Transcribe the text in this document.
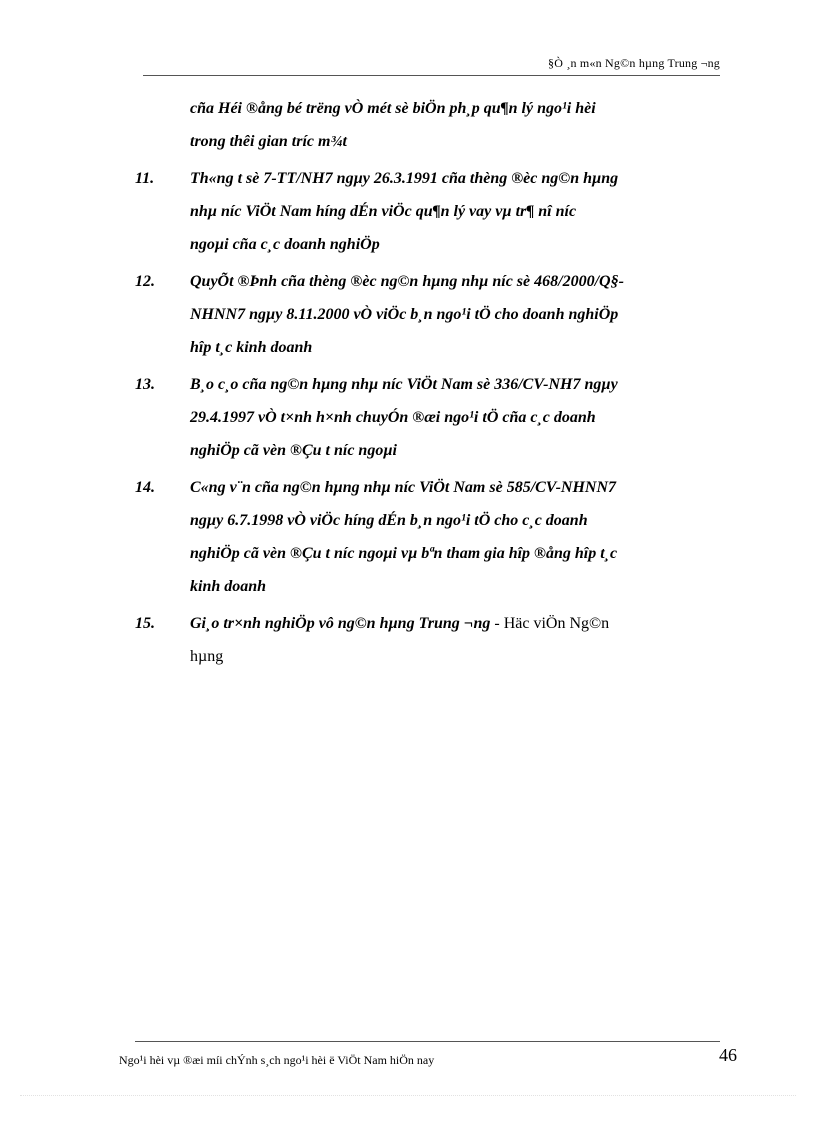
§Ò ¸n m«n Ng©n hµng Trung ¬ng
cña Héi ®ång bé trëng vÒ mét sè biÖn ph¸p qu¶n lý ngo¹i hèi
trong thêi gian tríc m¾t
11. Th«ng t sè 7-TT/NH7 ngµy 26.3.1991 cña thèng ®èc ng©n hµng
nhµ níc ViÖt Nam híng dÉn viÖc qu¶n lý vay vµ tr¶ nî níc
ngoµi cña c¸c doanh nghiÖp
12. QuyÕt ®Þnh cña thèng ®èc ng©n hµng nhµ níc sè 468/2000/Q§-
NHNN7 ngµy 8.11.2000 vÒ viÖc b¸n ngo¹i tÖ cho doanh nghiÖp
hîp t¸c kinh doanh
13. B¸o c¸o cña ng©n hµng nhµ níc ViÖt Nam sè 336/CV-NH7 ngµy
29.4.1997 vÒ t×nh h×nh chuyÓn ®æi ngo¹i tÖ cña c¸c doanh
nghiÖp cã vèn ®Çu t níc ngoµi
14. C«ng v¨n cña ng©n hµng nhµ níc ViÖt Nam sè 585/CV-NHNN7
ngµy 6.7.1998 vÒ viÖc híng dÉn b¸n ngo¹i tÖ cho c¸c doanh
nghiÖp cã vèn ®Çu t níc ngoµi vµ bªn tham gia hîp ®ång hîp t¸c
kinh doanh
15. Gi¸o tr×nh nghiÖp vô ng©n hµng Trung ¬ng - Häc viÖn Ng©n
hµng
Ngo¹i hèi vµ ®æi míi chÝnh s¸ch ngo¹i hèi ë ViÖt Nam hiÖn nay	46
